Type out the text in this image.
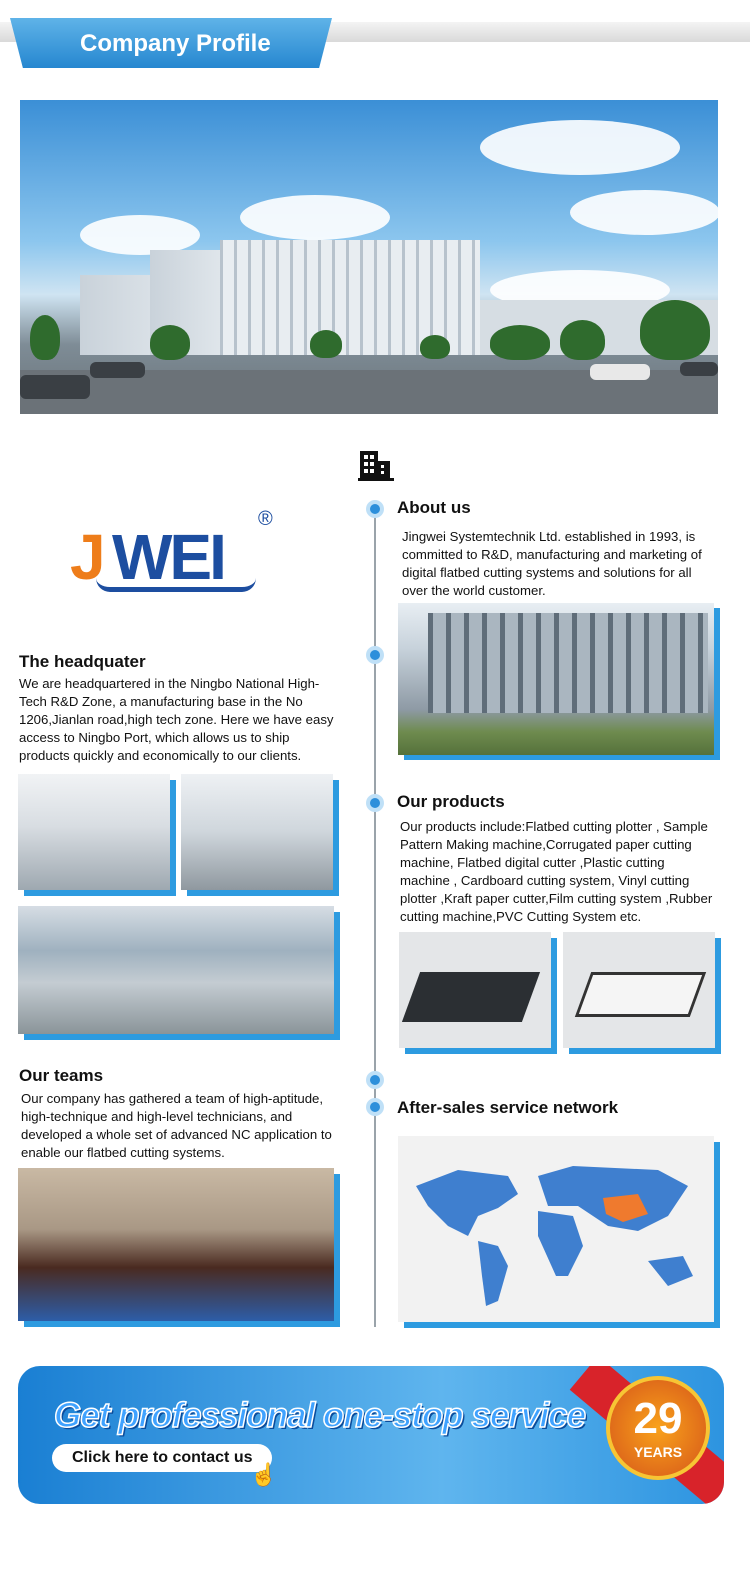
Company Profile
J WEI
®
About us
Jingwei Systemtechnik Ltd. established in 1993, is committed to R&D, manufacturing and marketing of digital flatbed cutting systems and solutions for all over the world customer.
The headquater
We are headquartered in the Ningbo National High-Tech R&D Zone, a manufacturing base in the No 1206,Jianlan road,high tech zone. Here we have easy access to Ningbo Port, which allows us to ship products quickly and economically to our clients.
Our products
Our products include:Flatbed cutting plotter , Sample Pattern Making machine,Corrugated paper cutting machine, Flatbed digital cutter ,Plastic cutting machine , Cardboard cutting system, Vinyl cutting plotter ,Kraft paper cutter,Film cutting system ,Rubber cutting machine,PVC Cutting System etc.
Our teams
Our company has gathered a team of high-aptitude, high-technique and high-level technicians, and developed a whole set of advanced NC application to enable our flatbed cutting systems.
After-sales service network
Get professional one-stop service
Click here to contact us
☝
29
YEARS
